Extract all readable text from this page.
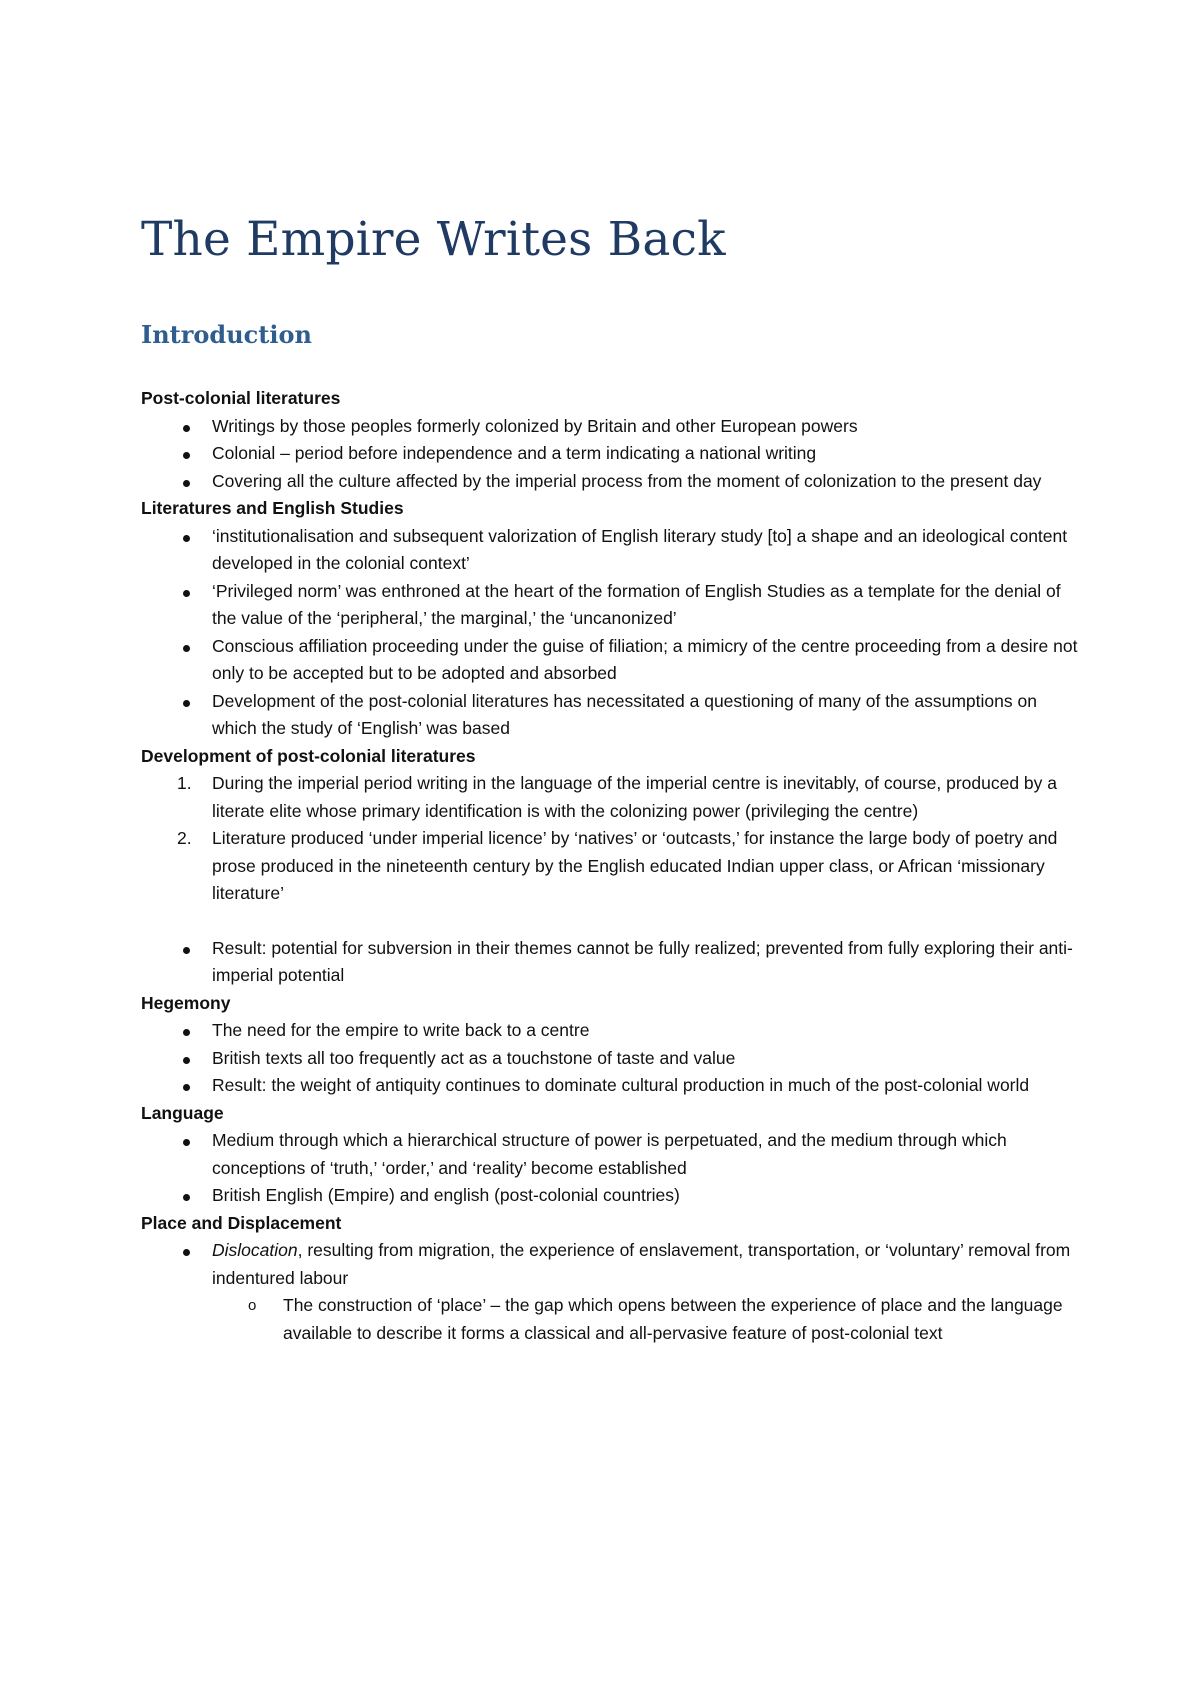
The Empire Writes Back
Introduction

Post-colonial literatures

Writings by those peoples formerly colonized by Britain and other European powers
Colonial – period before independence and a term indicating a national writing
Covering all the culture affected by the imperial process from the moment of colonization to the present day

Literatures and English Studies

‘institutionalisation and subsequent valorization of English literary study [to] a shape and an ideological content developed in the colonial context’
‘Privileged norm’ was enthroned at the heart of the formation of English Studies as a template for the denial of the value of the ‘peripheral,’ the marginal,’ the ‘uncanonized’
Conscious affiliation proceeding under the guise of filiation; a mimicry of the centre proceeding from a desire not only to be accepted but to be adopted and absorbed
Development of the post-colonial literatures has necessitated a questioning of many of the assumptions on which the study of ‘English’ was based

Development of post-colonial literatures

1. During the imperial period writing in the language of the imperial centre is inevitably, of course, produced by a literate elite whose primary identification is with the colonizing power (privileging the centre)
2. Literature produced ‘under imperial licence’ by ‘natives’ or ‘outcasts,’ for instance the large body of poetry and prose produced in the nineteenth century by the English educated Indian upper class, or African ‘missionary literature’
Result: potential for subversion in their themes cannot be fully realized; prevented from fully exploring their anti-imperial potential

Hegemony

The need for the empire to write back to a centre
British texts all too frequently act as a touchstone of taste and value
Result: the weight of antiquity continues to dominate cultural production in much of the post-colonial world

Language

Medium through which a hierarchical structure of power is perpetuated, and the medium through which conceptions of ‘truth,’ ‘order,’ and ‘reality’ become established
British English (Empire) and english (post-colonial countries)

Place and Displacement

Dislocation, resulting from migration, the experience of enslavement, transportation, or ‘voluntary’ removal from indentured labour
o The construction of ‘place’ – the gap which opens between the experience of place and the language available to describe it forms a classical and all-pervasive feature of post-colonial text
